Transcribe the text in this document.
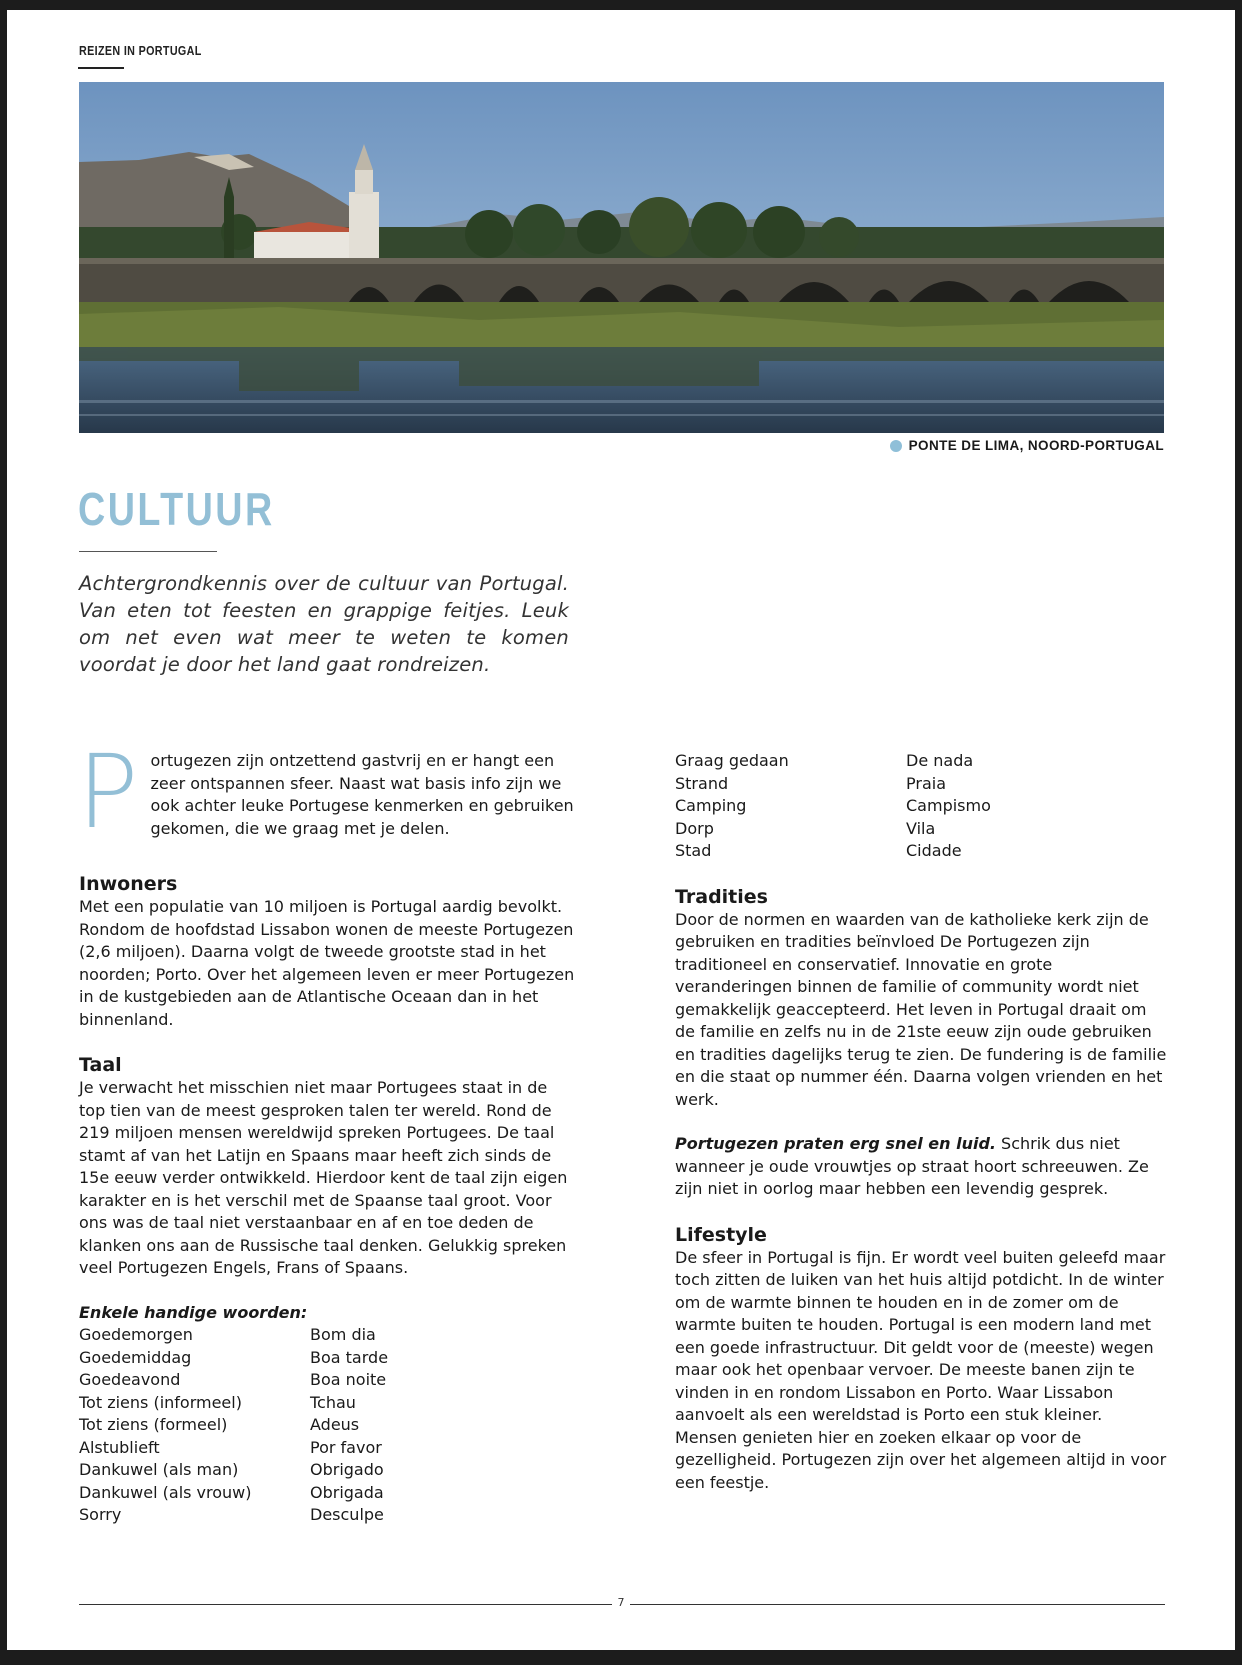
REIZEN IN PORTUGAL
PONTE DE LIMA, NOORD-PORTUGAL
CULTUUR

Achtergrondkennis over de cultuur van Portugal. Van eten tot feesten en grappige feitjes. Leuk om net even wat meer te weten te komen voordat je door het land gaat rondreizen.

P ortugezen zijn ontzettend gastvrij en er hangt een zeer ontspannen sfeer. Naast wat basis info zijn we ook achter leuke Portugese kenmerken en gebruiken gekomen, die we graag met je delen.

Inwoners

Met een populatie van 10 miljoen is Portugal aardig bevolkt. Rondom de hoofdstad Lissabon wonen de meeste Portugezen (2,6 miljoen). Daarna volgt de tweede grootste stad in het noorden; Porto. Over het algemeen leven er meer Portugezen in de kustgebieden aan de Atlantische Oceaan dan in het binnenland.

Taal

Je verwacht het misschien niet maar Portugees staat in de top tien van de meest gesproken talen ter wereld. Rond de 219 miljoen mensen wereldwijd spreken Portugees. De taal stamt af van het Latijn en Spaans maar heeft zich sinds de 15e eeuw verder ontwikkeld. Hierdoor kent de taal zijn eigen karakter en is het verschil met de Spaanse taal groot. Voor ons was de taal niet verstaanbaar en af en toe deden de klanken ons aan de Russische taal denken. Gelukkig spreken veel Portugezen Engels, Frans of Spaans.

Enkele handige woorden:

Goedemorgen	Bom dia
Goedemiddag	Boa tarde
Goedeavond	Boa noite
Tot ziens (informeel)	Tchau
Tot ziens (formeel)	Adeus
Alstublieft	Por favor
Dankuwel (als man)	Obrigado
Dankuwel (als vrouw)	Obrigada
Sorry	Desculpe
Graag gedaan	De nada
Strand	Praia
Camping	Campismo
Dorp	Vila
Stad	Cidade
Tradities

Door de normen en waarden van de katholieke kerk zijn de gebruiken en tradities beïnvloed De Portugezen zijn traditioneel en conservatief. Innovatie en grote veranderingen binnen de familie of community wordt niet gemakkelijk geaccepteerd. Het leven in Portugal draait om de familie en zelfs nu in de 21ste eeuw zijn oude gebruiken en tradities dagelijks terug te zien. De fundering is de familie en die staat op nummer één. Daarna volgen vrienden en het werk.

Portugezen praten erg snel en luid. Schrik dus niet wanneer je oude vrouwtjes op straat hoort schreeuwen. Ze zijn niet in oorlog maar hebben een levendig gesprek.

Lifestyle

De sfeer in Portugal is fijn. Er wordt veel buiten geleefd maar toch zitten de luiken van het huis altijd potdicht. In de winter om de warmte binnen te houden en in de zomer om de warmte buiten te houden. Portugal is een modern land met een goede infrastructuur. Dit geldt voor de (meeste) wegen maar ook het openbaar vervoer. De meeste banen zijn te vinden in en rondom Lissabon en Porto. Waar Lissabon aanvoelt als een wereldstad is Porto een stuk kleiner. Mensen genieten hier en zoeken elkaar op voor de gezelligheid. Portugezen zijn over het algemeen altijd in voor een feestje.

7
